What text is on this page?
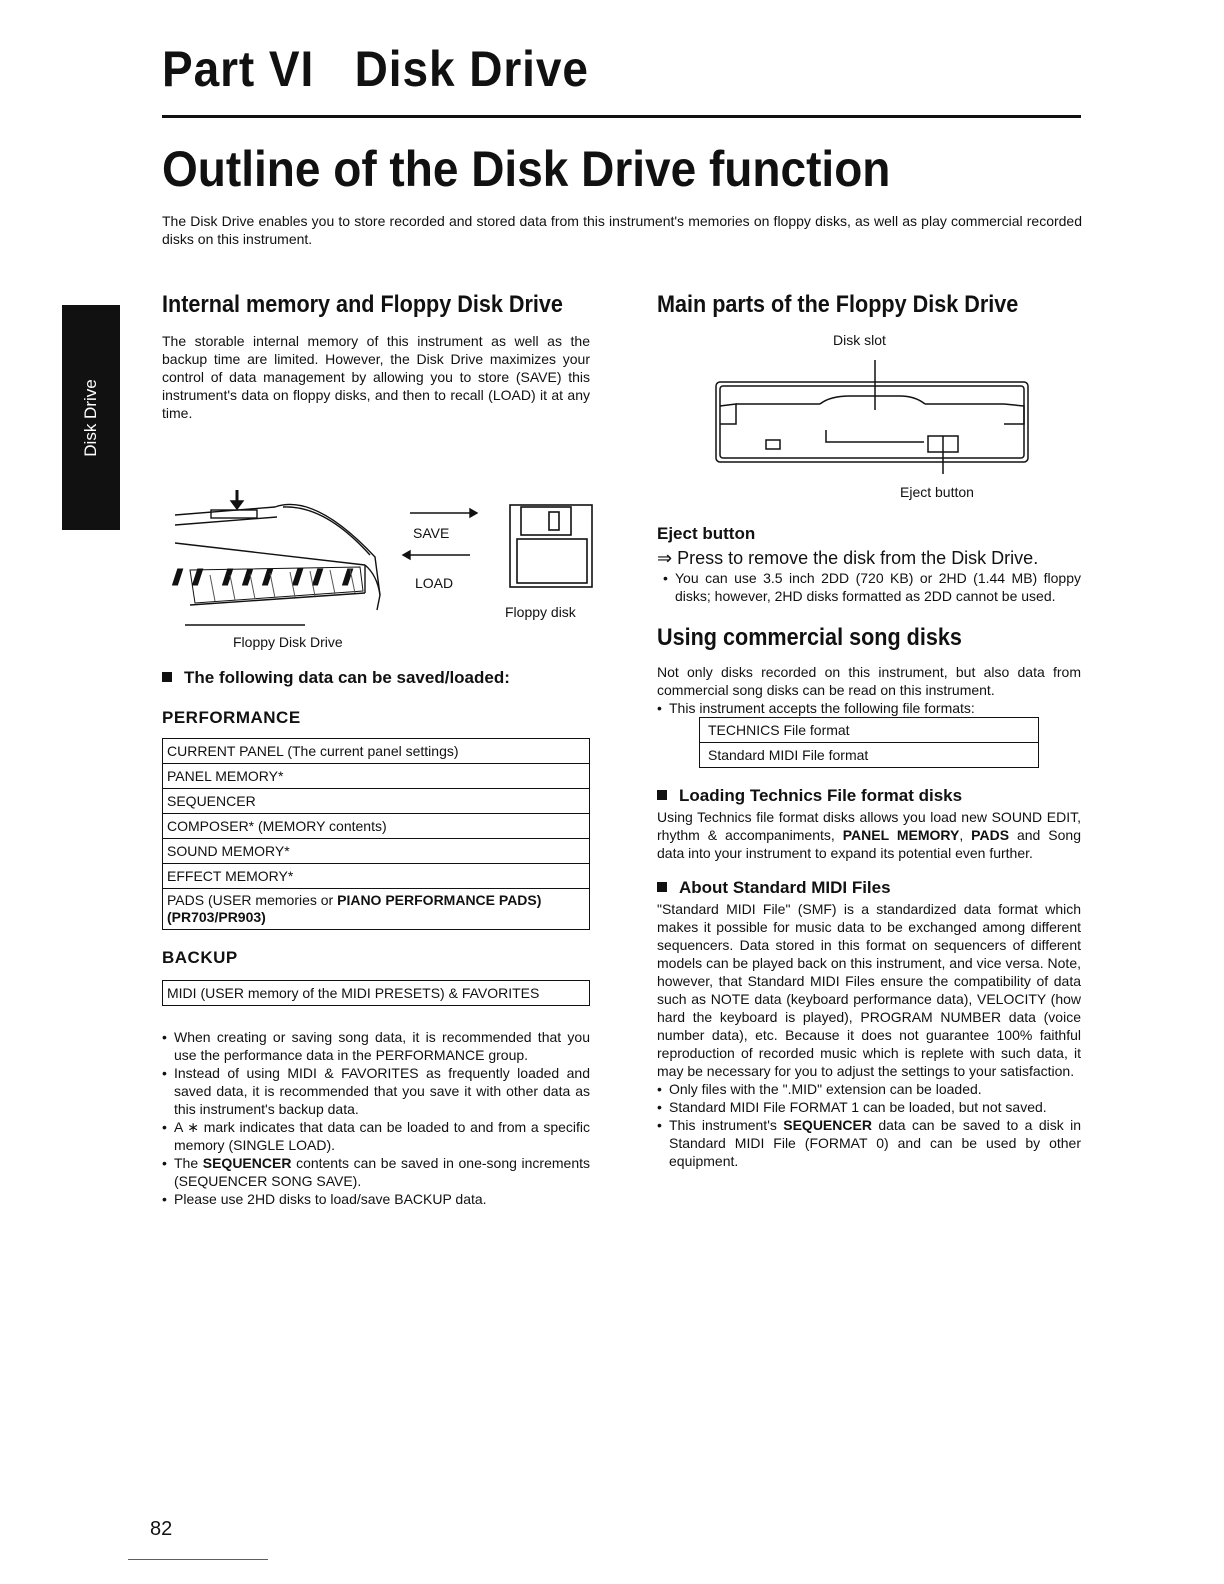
Part VI Disk Drive
Outline of the Disk Drive function
The Disk Drive enables you to store recorded and stored data from this instrument's memories on floppy disks, as well as play commercial recorded disks on this instrument.
Disk Drive
Internal memory and Floppy Disk Drive
The storable internal memory of this instrument as well as the backup time are limited. However, the Disk Drive maximizes your control of data management by allowing you to store (SAVE) this instrument's data on floppy disks, and then to recall (LOAD) it at any time.
SAVE
LOAD
Floppy disk
Floppy Disk Drive
The following data can be saved/loaded:
PERFORMANCE
CURRENT PANEL (The current panel settings)
PANEL MEMORY*
SEQUENCER
COMPOSER* (MEMORY contents)
SOUND MEMORY*
EFFECT MEMORY*
PADS (USER memories or PIANO PERFORMANCE PADS)
(PR703/PR903)
BACKUP
MIDI (USER memory of the MIDI PRESETS) & FAVORITES
• When creating or saving song data, it is recommended that you use the performance data in the PERFORMANCE group.
• Instead of using MIDI & FAVORITES as frequently loaded and saved data, it is recommended that you save it with other data as this instrument's backup data.
• A ∗ mark indicates that data can be loaded to and from a specific memory (SINGLE LOAD).
• The SEQUENCER contents can be saved in one-song increments (SEQUENCER SONG SAVE).
• Please use 2HD disks to load/save BACKUP data.
Main parts of the Floppy Disk Drive
Disk slot
Eject button
Eject button
⇒ Press to remove the disk from the Disk Drive.
• You can use 3.5 inch 2DD (720 KB) or 2HD (1.44 MB) floppy disks; however, 2HD disks formatted as 2DD cannot be used.
Using commercial song disks
Not only disks recorded on this instrument, but also data from commercial song disks can be read on this instrument.
• This instrument accepts the following file formats:
TECHNICS File format
Standard MIDI File format
Loading Technics File format disks
Using Technics file format disks allows you load new SOUND EDIT, rhythm & accompaniments, PANEL MEMORY, PADS and Song data into your instrument to expand its potential even further.
About Standard MIDI Files
"Standard MIDI File" (SMF) is a standardized data format which makes it possible for music data to be exchanged among different sequencers. Data stored in this format on sequencers of different models can be played back on this instrument, and vice versa. Note, however, that Standard MIDI Files ensure the compatibility of data such as NOTE data (keyboard performance data), VELOCITY (how hard the keyboard is played), PROGRAM NUMBER data (voice number data), etc. Because it does not guarantee 100% faithful reproduction of recorded music which is replete with such data, it may be necessary for you to adjust the settings to your satisfaction.
• Only files with the ".MID" extension can be loaded.
• Standard MIDI File FORMAT 1 can be loaded, but not saved.
• This instrument's SEQUENCER data can be saved to a disk in Standard MIDI File (FORMAT 0) and can be used by other equipment.
82
